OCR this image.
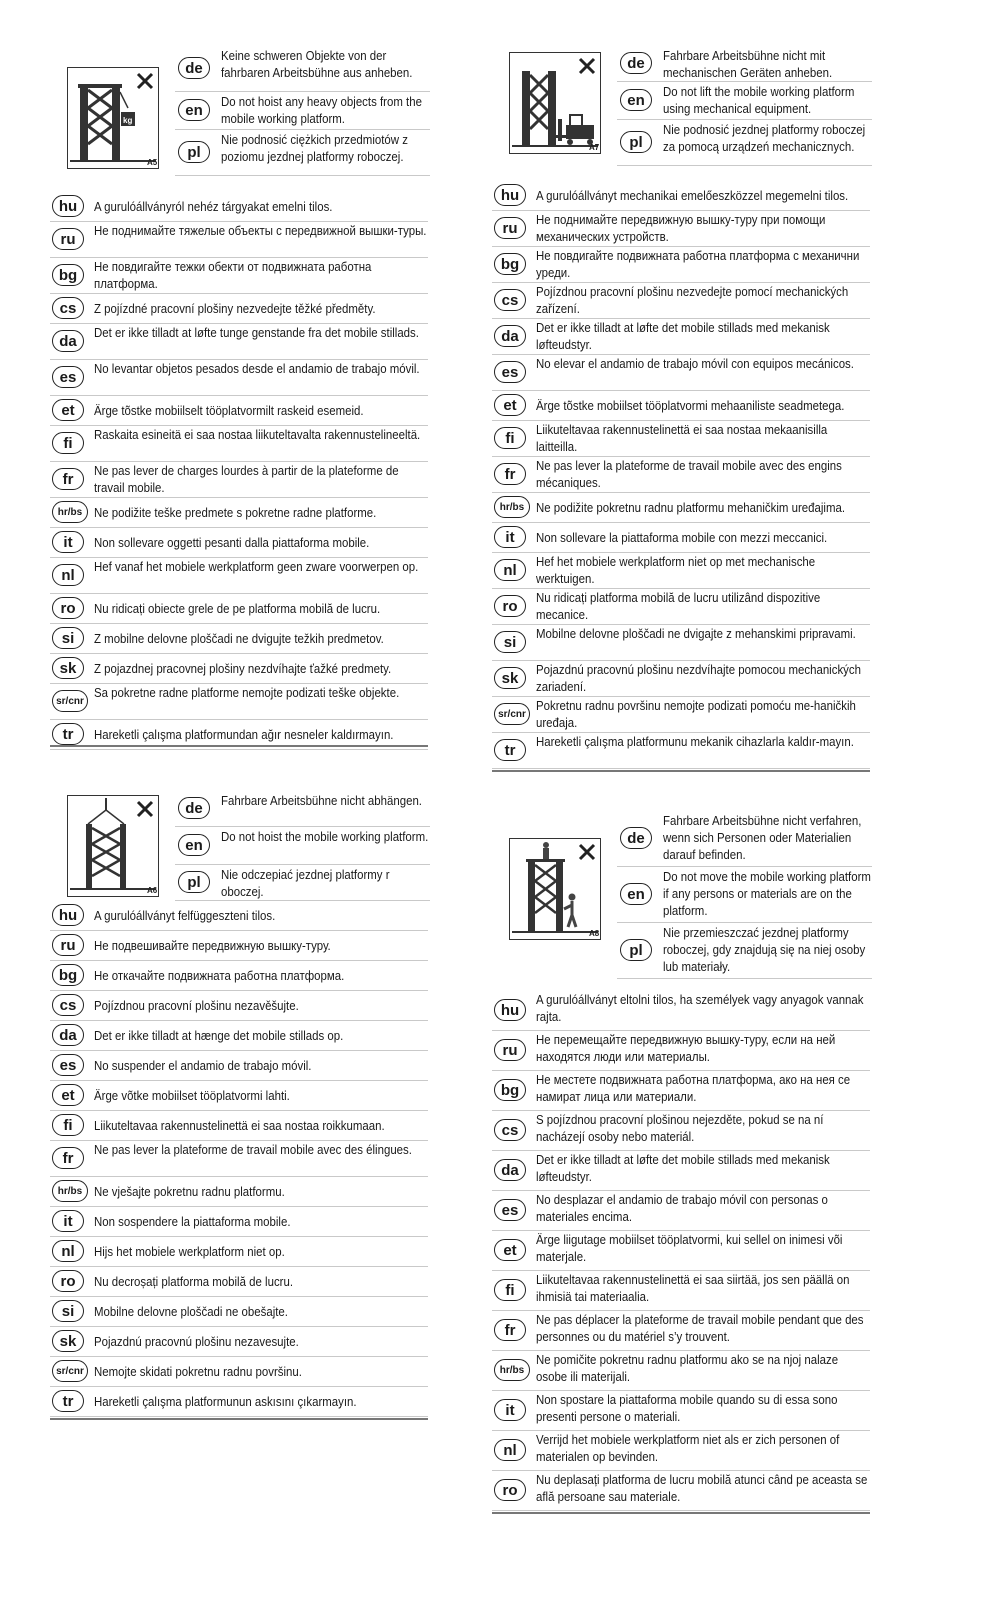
kg
A5
de
Keine schweren Objekte von der fahrbaren Arbeitsbühne aus anheben.
en
Do not hoist any heavy objects from the mobile working platform.
pl
Nie podnosić ciężkich przedmiotów z poziomu jezdnej platformy roboczej.
hu	A gurulóállványról nehéz tárgyakat emelni tilos.
ru
Не поднимайте тяжелые объекты с передвижной вышки-туры.
bg
Не повдигайте тежки обекти от подвижната работна платформа.
cs	Z pojízdné pracovní plošiny nezvedejte těžké předměty.
da
Det er ikke tilladt at løfte tunge genstande fra det mobile stillads.
es
No levantar objetos pesados desde el andamio de trabajo móvil.
et	Ärge tõstke mobiilselt tööplatvormilt raskeid esemeid.
fi
Raskaita esineitä ei saa nostaa liikuteltavalta rakennustelineeltä.
fr
Ne pas lever de charges lourdes à partir de la plateforme de travail mobile.
hr/bs Ne podižite teške predmete s pokretne radne platforme.
it	Non sollevare oggetti pesanti dalla piattaforma mobile.
nl
Hef vanaf het mobiele werkplatform geen zware voorwerpen op.
ro	Nu ridicați obiecte grele de pe platforma mobilă de lucru.
si	Z mobilne delovne ploščadi ne dvigujte težkih predmetov.
sk	Z pojazdnej pracovnej plošiny nezdvíhajte ťažké predmety.
sr/cnr
Sa pokretne radne platforme nemojte podizati teške objekte.
tr	Hareketli çalışma platformundan ağır nesneler kaldırmayın.
A7
de	Fahrbare Arbeitsbühne nicht mit mechanischen Geräten anheben.
en
Do not lift the mobile working platform using mechanical equipment.
pl
Nie podnosić jezdnej platformy roboczej za pomocą urządzeń mechanicznych.
hu	A gurulóállványt mechanikai emelőeszközzel megemelni tilos.
ru
Не поднимайте передвижную вышку-туру при помощи механических устройств.
bg
Не повдигайте подвижната работна платформа с механични уреди.
cs
Pojízdnou pracovní plošinu nezvedejte pomocí mechanických zařízení.
da
Det er ikke tilladt at løfte det mobile stillads med mekanisk løfteudstyr.
es
No elevar el andamio de trabajo móvil con equipos mecánicos.
et	Ärge tõstke mobiilset tööplatvormi mehaaniliste seadmetega.
fi
Liikuteltavaa rakennustelinettä ei saa nostaa mekaanisilla laitteilla.
fr
Ne pas lever la plateforme de travail mobile avec des engins mécaniques.
hr/bs Ne podižite pokretnu radnu platformu mehaničkim uređajima.
it	Non sollevare la piattaforma mobile con mezzi meccanici.
nl
Hef het mobiele werkplatform niet op met mechanische werktuigen.
ro
Nu ridicați platforma mobilă de lucru utilizând dispozitive mecanice.
si
Mobilne delovne ploščadi ne dvigajte z mehanskimi pripravami.
sk
Pojazdnú pracovnú plošinu nezdvíhajte pomocou mechanických zariadení.
sr/cnr
Pokretnu radnu površinu nemojte podizati pomoću me-haničkih uređaja.
tr
Hareketli çalışma platformunu mekanik cihazlarla kaldır-mayın.
A6
de	Fahrbare Arbeitsbühne nicht abhängen.
en
Do not hoist the mobile working platform.
pl	Nie odczepiać jezdnej platformy r oboczej.
hu	A gurulóállványt felfüggeszteni tilos.
ru	Не подвешивайте передвижную вышку-туру.
bg	Не откачайте подвижната работна платформа.
cs	Pojízdnou pracovní plošinu nezavěšujte.
da	Det er ikke tilladt at hænge det mobile stillads op.
es	No suspender el andamio de trabajo móvil.
et	Ärge võtke mobiilset tööplatvormi lahti.
fi	Liikuteltavaa rakennustelinettä ei saa nostaa roikkumaan.
fr
Ne pas lever la plateforme de travail mobile avec des élingues.
hr/bs Ne vješajte pokretnu radnu platformu.
it	Non sospendere la piattaforma mobile.
nl	Hijs het mobiele werkplatform niet op.
ro	Nu decroșați platforma mobilă de lucru.
si	Mobilne delovne ploščadi ne obešajte.
sk	Pojazdnú pracovnú plošinu nezavesujte.
sr/cnr Nemojte skidati pokretnu radnu površinu.
tr	Hareketli çalışma platformunun askısını çıkarmayın.
A8
de
Fahrbare Arbeitsbühne nicht verfahren, wenn sich Personen oder Materialien darauf befinden.
en
Do not move the mobile working platform if any persons or materials are on the platform.
pl
Nie przemieszczać jezdnej platformy roboczej, gdy znajdują się na niej osoby lub materiały.
hu
A gurulóállványt eltolni tilos, ha személyek vagy anyagok vannak rajta.
ru
Не перемещайте передвижную вышку-туру, если на ней находятся люди или материалы.
bg
Не местете подвижната работна платформа, ако на нея се намират лица или материали.
cs
S pojízdnou pracovní plošinou nejezděte, pokud se na ní nacházejí osoby nebo materiál.
da
Det er ikke tilladt at løfte det mobile stillads med mekanisk løfteudstyr.
es
No desplazar el andamio de trabajo móvil con personas o materiales encima.
et
Ärge liigutage mobiilset tööplatvormi, kui sellel on inimesi või materjale.
fi
Liikuteltavaa rakennustelinettä ei saa siirtää, jos sen päällä on ihmisiä tai materiaalia.
fr
Ne pas déplacer la plateforme de travail mobile pendant que des personnes ou du matériel s’y trouvent.
hr/bs
Ne pomičite pokretnu radnu platformu ako se na njoj nalaze osobe ili materijali.
it
Non spostare la piattaforma mobile quando su di essa sono presenti persone o materiali.
nl
Verrijd het mobiele werkplatform niet als er zich personen of materialen op bevinden.
ro
Nu deplasați platforma de lucru mobilă atunci când pe aceasta se află persoane sau materiale.
